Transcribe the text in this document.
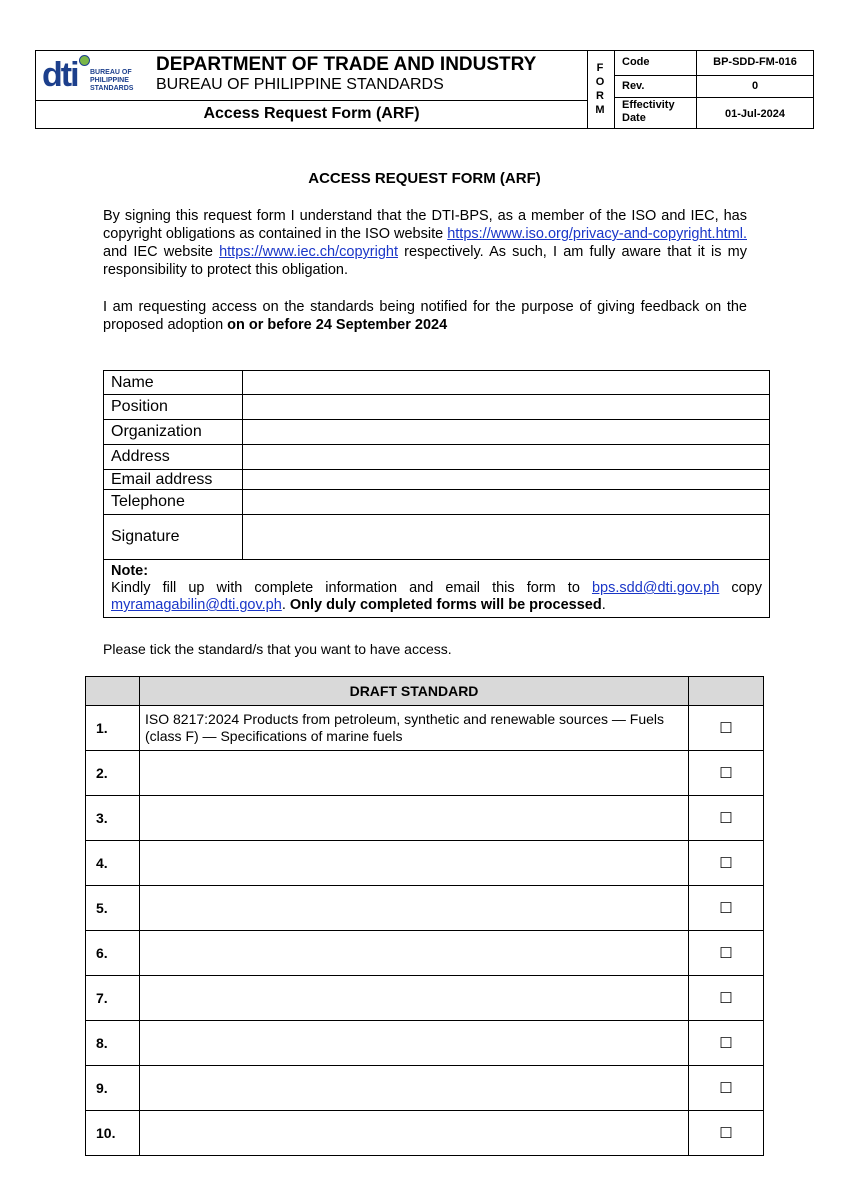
dti BUREAU OF
PHILIPPINE
STANDARDS
DEPARTMENT OF TRADE AND INDUSTRY
BUREAU OF PHILIPPINE STANDARDS
Access Request Form (ARF)
F
O
R
M
Code	BP-SDD-FM-016
Rev.	0
Effectivity Date	01-Jul-2024
ACCESS REQUEST FORM (ARF)
By signing this request form I understand that the DTI-BPS, as a member of the ISO and IEC, has copyright obligations as contained in the ISO website https://www.iso.org/privacy-and-copyright.html. and IEC website https://www.iec.ch/copyright respectively. As such, I am fully aware that it is my responsibility to protect this obligation.
I am requesting access on the standards being notified for the purpose of giving feedback on the proposed adoption on or before 24 September 2024
Name	
Position	
Organization	
Address	
Email address	
Telephone	
Signature	
Note:
Kindly fill up with complete information and email this form to bps.sdd@dti.gov.ph copy myramagabilin@dti.gov.ph. Only duly completed forms will be processed.	
Please tick the standard/s that you want to have access.
	DRAFT STANDARD	
1.	ISO 8217:2024 Products from petroleum, synthetic and renewable sources — Fuels (class F) — Specifications of marine fuels	☐
2.		☐
3.		☐
4.		☐
5.		☐
6.		☐
7.		☐
8.		☐
9.		☐
10.		☐
